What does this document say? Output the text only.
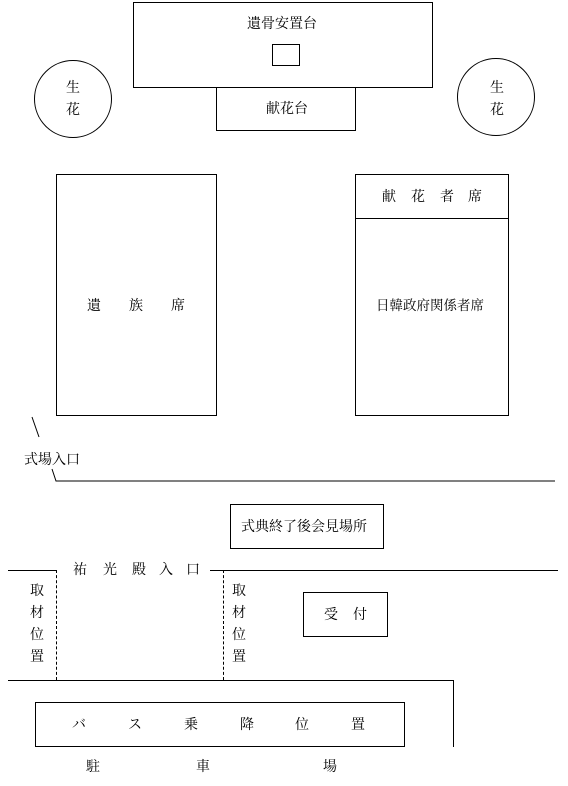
遺骨安置台
献花台
生
花
生
花
遺 族 席
献 花 者 席
日韓政府関係者席
式場入口
式典終了後会見場所
祐 光 殿 入 口
取
材
位
置
取
材
位
置
受 付
バ	ス	乗	降	位	置
駐	車	場
